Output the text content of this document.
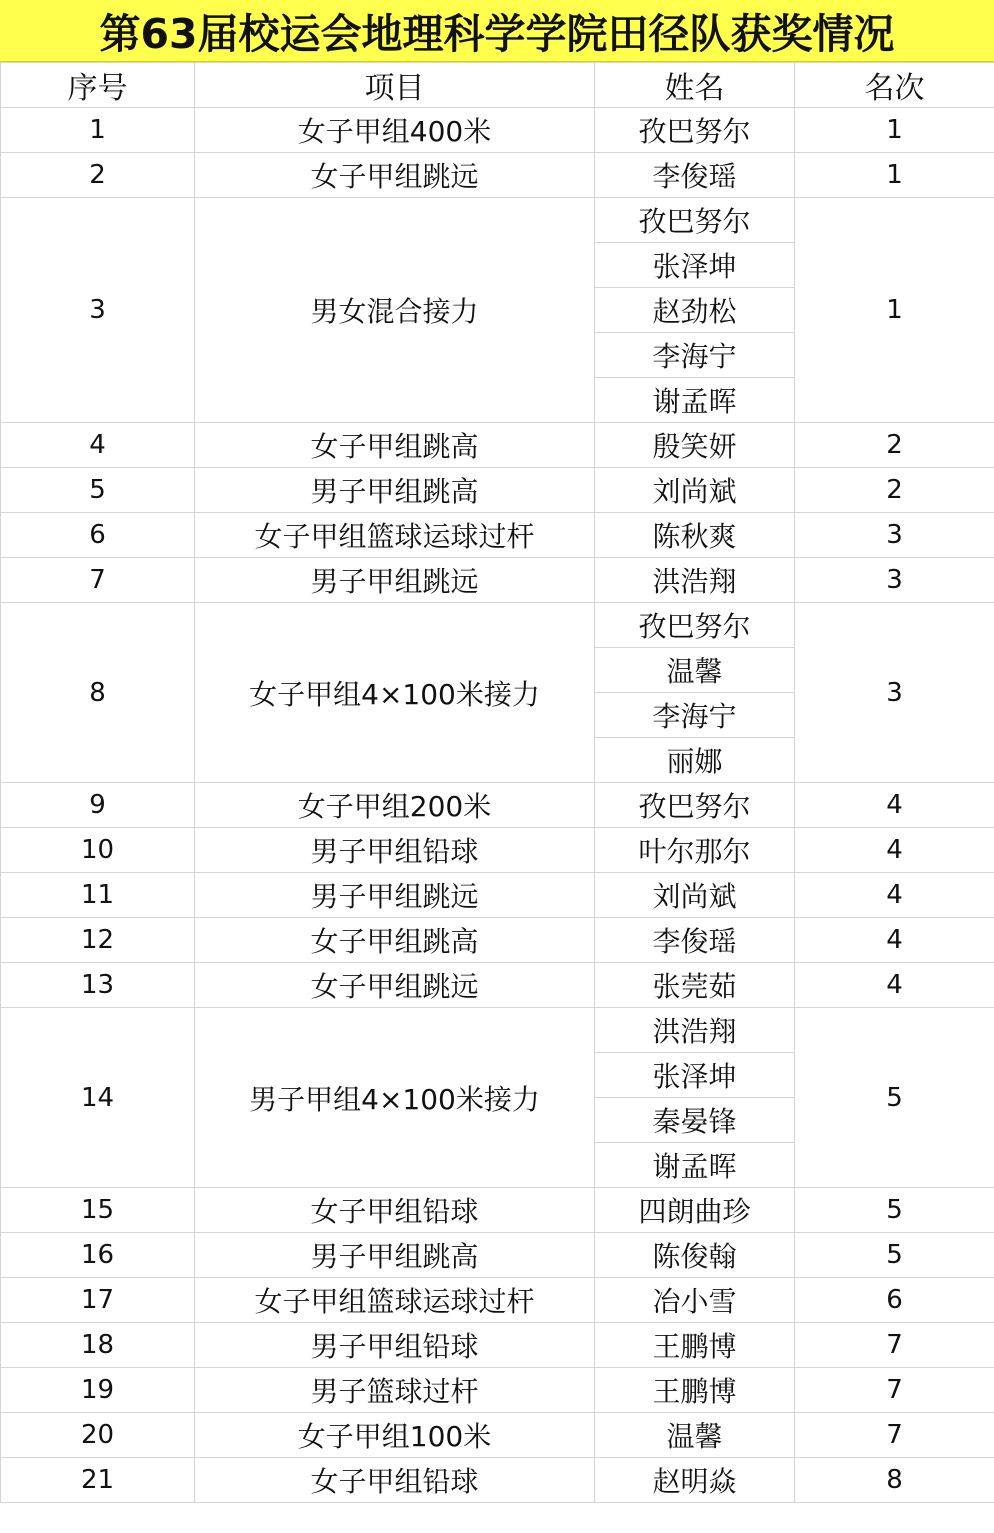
第63届校运会地理科学学院田径队获奖情况
序号	项目	姓名	名次
1	女子甲组400米	孜巴努尔	1
2	女子甲组跳远	李俊瑶	1
3	男女混合接力	孜巴努尔	1
		张泽坤	
		赵劲松	
		李海宁	
		谢孟晖	
4	女子甲组跳高	殷笑妍	2
5	男子甲组跳高	刘尚斌	2
6	女子甲组篮球运球过杆	陈秋爽	3
7	男子甲组跳远	洪浩翔	3
8	女子甲组4×100米接力	孜巴努尔	3
		温馨	
		李海宁	
		丽娜	
9	女子甲组200米	孜巴努尔	4
10	男子甲组铅球	叶尔那尔	4
11	男子甲组跳远	刘尚斌	4
12	女子甲组跳高	李俊瑶	4
13	女子甲组跳远	张莞茹	4
14	男子甲组4×100米接力	洪浩翔	5
		张泽坤	
		秦晏锋	
		谢孟晖	
15	女子甲组铅球	四朗曲珍	5
16	男子甲组跳高	陈俊翰	5
17	女子甲组篮球运球过杆	冶小雪	6
18	男子甲组铅球	王鹏博	7
19	男子篮球过杆	王鹏博	7
20	女子甲组100米	温馨	7
21	女子甲组铅球	赵明焱	8
